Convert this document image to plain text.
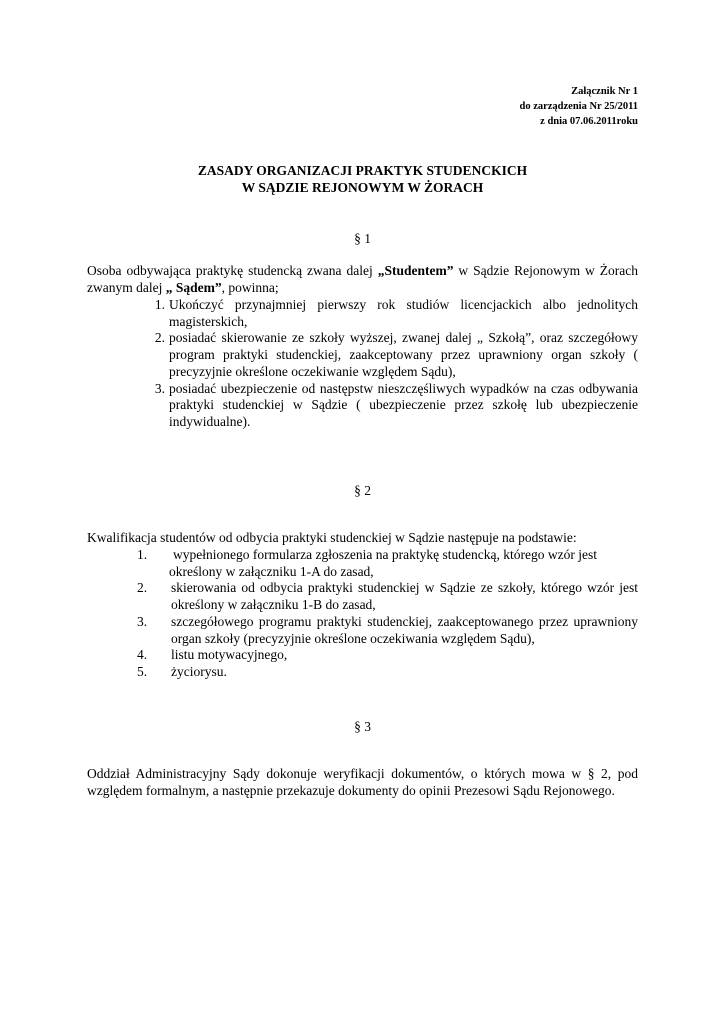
Załącznik Nr 1
do zarządzenia Nr 25/2011
z dnia 07.06.2011roku
ZASADY ORGANIZACJI PRAKTYK STUDENCKICH
W SĄDZIE REJONOWYM W ŻORACH
§ 1
Osoba odbywająca praktykę studencką zwana dalej „Studentem” w Sądzie Rejonowym w Żorach zwanym dalej „ Sądem”, powinna;
1. Ukończyć przynajmniej pierwszy rok studiów licencjackich albo jednolitych magisterskich,
2. posiadać skierowanie ze szkoły wyższej, zwanej dalej „ Szkołą”, oraz szczegółowy program praktyki studenckiej, zaakceptowany przez uprawniony organ szkoły ( precyzyjnie określone oczekiwanie względem Sądu),
3. posiadać ubezpieczenie od następstw nieszczęśliwych wypadków na czas odbywania praktyki studenckiej w Sądzie ( ubezpieczenie przez szkołę lub ubezpieczenie indywidualne).
§ 2
Kwalifikacja studentów od odbycia praktyki studenckiej w Sądzie następuje na podstawie:
1.	wypełnionego formularza zgłoszenia na praktykę studencką, którego wzór jest
określony w załączniku 1-A do zasad,
2.	skierowania od odbycia praktyki studenckiej w Sądzie ze szkoły, którego wzór jest określony w załączniku 1-B do zasad,
3.	szczegółowego programu praktyki studenckiej, zaakceptowanego przez uprawniony organ szkoły (precyzyjnie określone oczekiwania względem Sądu),
4.	listu motywacyjnego,
5.	życiorysu.
§ 3
Oddział Administracyjny Sądy dokonuje weryfikacji dokumentów, o których mowa w § 2, pod względem formalnym, a następnie przekazuje dokumenty do opinii Prezesowi Sądu Rejonowego.
